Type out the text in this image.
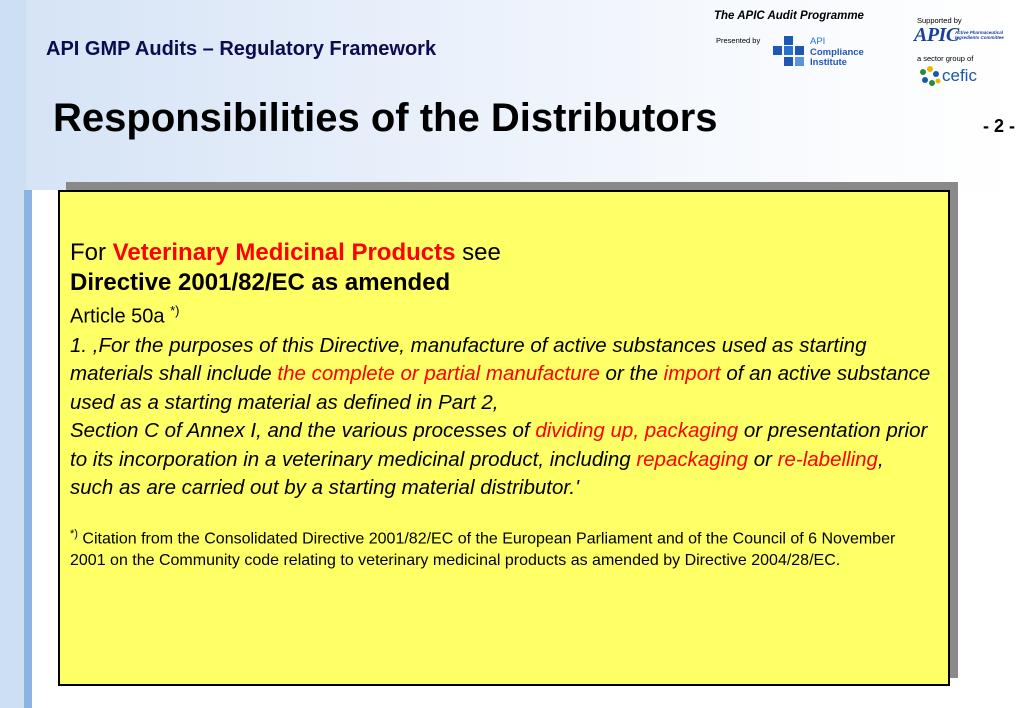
API GMP Audits – Regulatory Framework
Responsibilities of the Distributors	- 2 -
The APIC Audit Programme
Presented by	API
Compliance
Institute
Supported by
APIC
Active Pharmaceutical
Ingredients Committee
a sector group of
cefic
For Veterinary Medicinal Products see
Directive 2001/82/EC as amended
Article 50a *)
1. ,For the purposes of this Directive, manufacture of active substances used as starting materials shall include the complete or partial manufacture or the import of an active substance used as a starting material as defined in Part 2,
Section C of Annex I, and the various processes of dividing up, packaging or presentation prior to its incorporation in a veterinary medicinal product, including repackaging or re-labelling, such as are carried out by a starting material distributor.'
*) Citation from the Consolidated Directive 2001/82/EC of the European Parliament and of the Council of 6 November 2001 on the Community code relating to veterinary medicinal products as amended by Directive 2004/28/EC.
